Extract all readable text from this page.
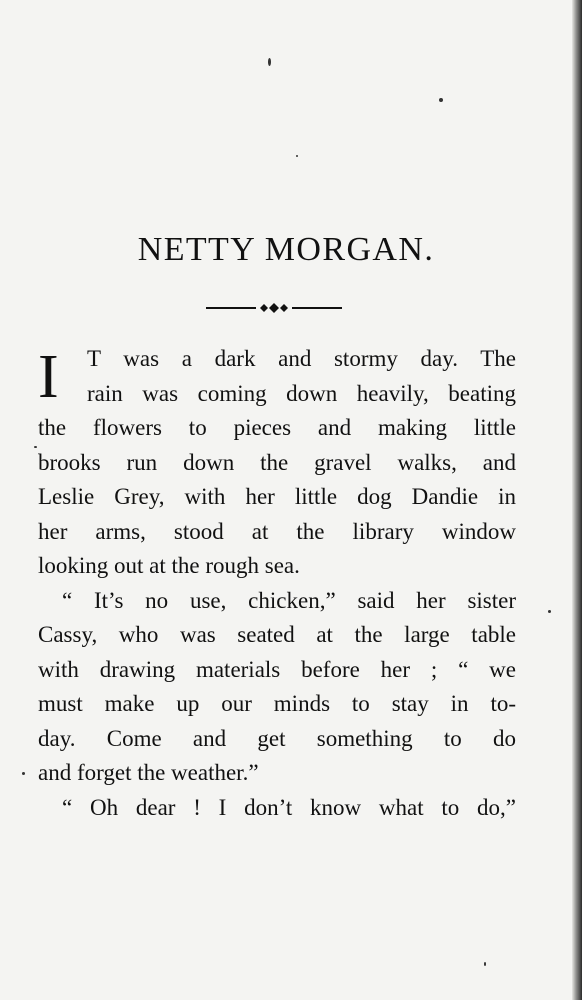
NETTY MORGAN.
I T was a dark and stormy day. The
rain was coming down heavily, beating
the flowers to pieces and making little
brooks run down the gravel walks, and
Leslie Grey, with her little dog Dandie in
her arms, stood at the library window
looking out at the rough sea.
“ It’s no use, chicken,” said her sister
Cassy, who was seated at the large table
with drawing materials before her ; “ we
must make up our minds to stay in to-
day. Come and get something to do
and forget the weather.”
“ Oh dear ! I don’t know what to do,”
